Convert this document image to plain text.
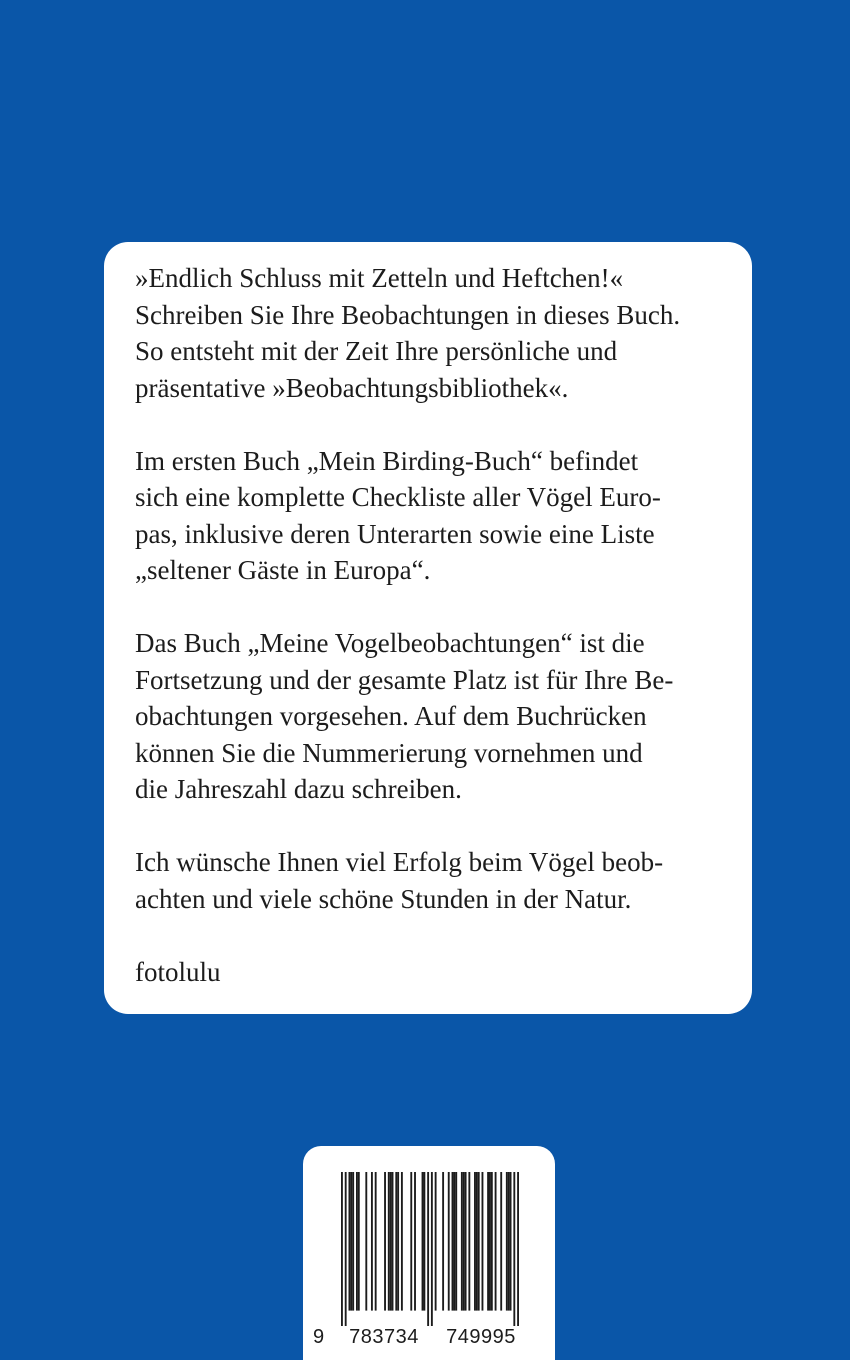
»Endlich Schluss mit Zetteln und Heftchen!«
Schreiben Sie Ihre Beobachtungen in dieses Buch.
So entsteht mit der Zeit Ihre persönliche und
präsentative »Beobachtungsbibliothek«.

Im ersten Buch „Mein Birding-Buch“ befindet
sich eine komplette Checkliste aller Vögel Euro-
pas, inklusive deren Unterarten sowie eine Liste
„seltener Gäste in Europa“.

Das Buch „Meine Vogelbeobachtungen“ ist die
Fortsetzung und der gesamte Platz ist für Ihre Be-
obachtungen vorgesehen. Auf dem Buchrücken
können Sie die Nummerierung vornehmen und
die Jahreszahl dazu schreiben.

Ich wünsche Ihnen viel Erfolg beim Vögel beob-
achten und viele schöne Stunden in der Natur.

fotolulu

9	783734	749995
